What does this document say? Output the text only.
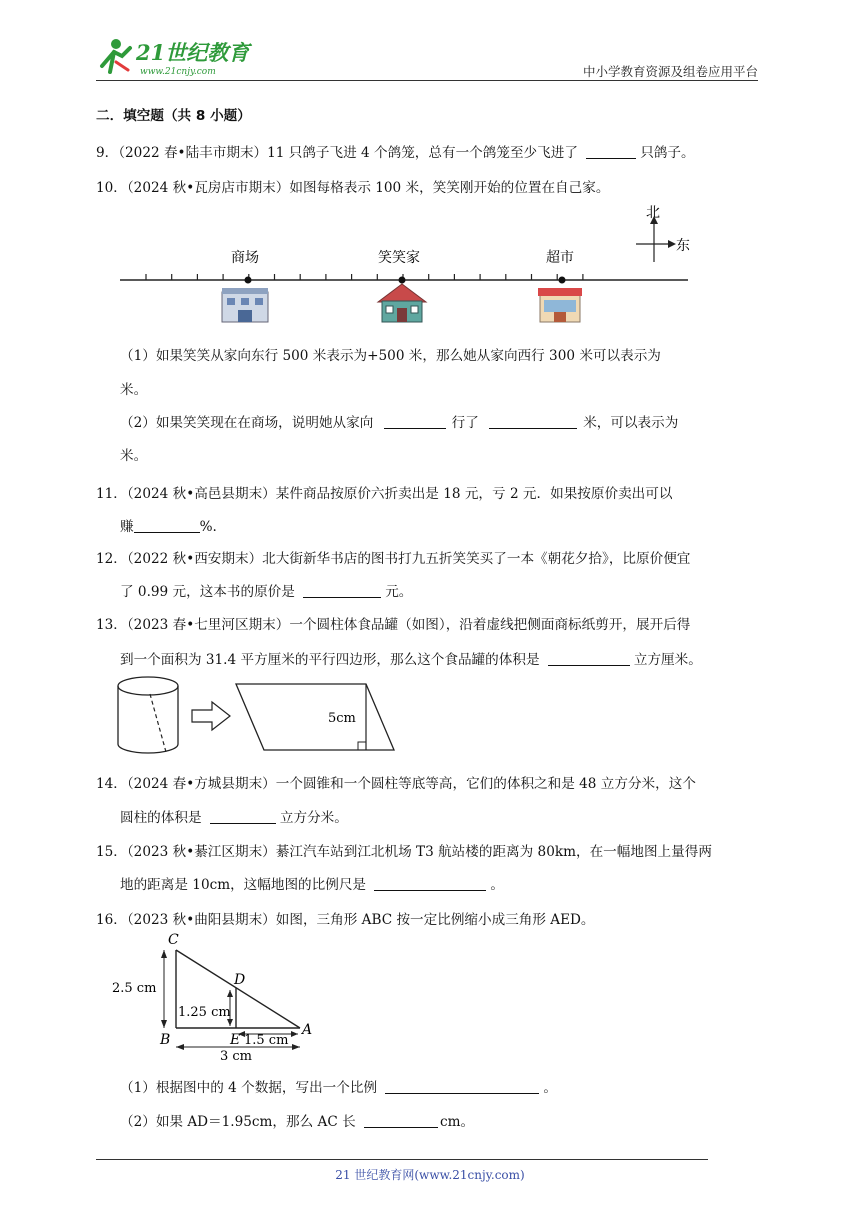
21世纪教育
www.21cnjy.com	中小学教育资源及组卷应用平台
二．填空题（共 8 小题）
9．（2022 春•陆丰市期末）11 只鸽子飞进 4 个鸽笼，总有一个鸽笼至少飞进了	只鸽子。
10．（2024 秋•瓦房店市期末）如图每格表示 100 米，笑笑刚开始的位置在自己家。
北
东
商场	笑笑家	超市
（1）如果笑笑从家向东行 500 米表示为+500 米，那么她从家向西行 300 米可以表示为
米。
（2）如果笑笑现在在商场，说明她从家向	行了	米，可以表示为
米。
11．（2024 秋•高邑县期末）某件商品按原价六折卖出是 18 元，亏 2 元．如果按原价卖出可以
赚	%.
12．（2022 秋•西安期末）北大街新华书店的图书打九五折笑笑买了一本《朝花夕拾》，比原价便宜
了 0.99 元，这本书的原价是	元。
13．（2023 春•七里河区期末）一个圆柱体食品罐（如图），沿着虚线把侧面商标纸剪开，展开后得
到一个面积为 31.4 平方厘米的平行四边形，那么这个食品罐的体积是	立方厘米。
5cm
14．（2024 春•方城县期末）一个圆锥和一个圆柱等底等高，它们的体积之和是 48 立方分米，这个
圆柱的体积是	立方分米。
15．（2023 秋•綦江区期末）綦江汽车站到江北机场 T3 航站楼的距离为 80km，在一幅地图上量得两
地的距离是 10cm，这幅地图的比例尺是	。
16．（2023 秋•曲阳县期末）如图，三角形 ABC 按一定比例缩小成三角形 AED。
C
D
B	E
A
2.5 cm
1.25 cm
1.5 cm
3 cm
（1）根据图中的 4 个数据，写出一个比例	。
（2）如果 AD＝1.95cm，那么 AC 长	cm。
21 世纪教育网(www.21cnjy.com)
